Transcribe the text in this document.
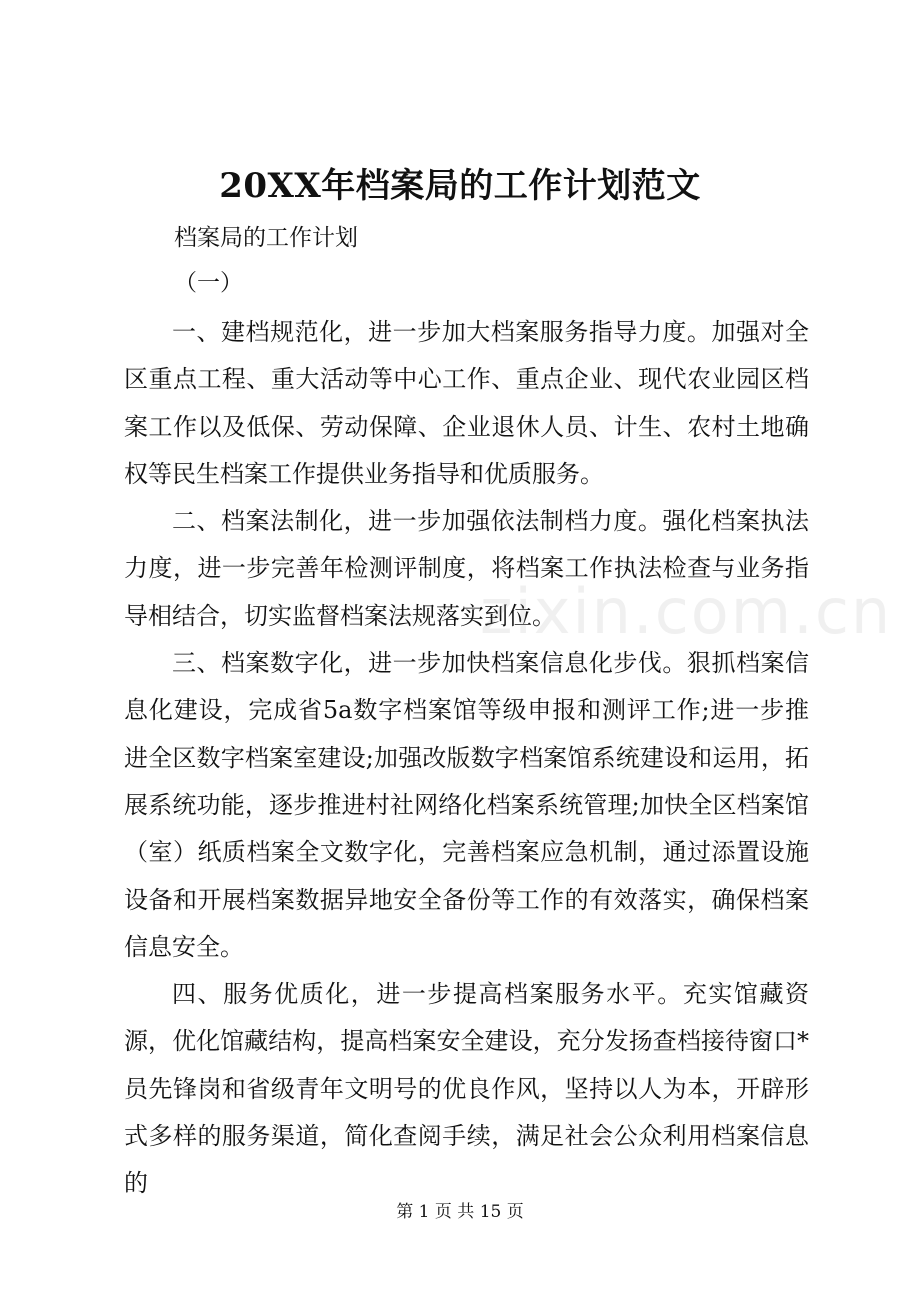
20XX年档案局的工作计划范文
档案局的工作计划
（一）

一、建档规范化，进一步加大档案服务指导力度。加强对全区重点工程、重大活动等中心工作、重点企业、现代农业园区档案工作以及低保、劳动保障、企业退休人员、计生、农村土地确权等民生档案工作提供业务指导和优质服务。

二、档案法制化，进一步加强依法制档力度。强化档案执法力度，进一步完善年检测评制度，将档案工作执法检查与业务指导相结合，切实监督档案法规落实到位。

三、档案数字化，进一步加快档案信息化步伐。狠抓档案信息化建设，完成省5a数字档案馆等级申报和测评工作;进一步推进全区数字档案室建设;加强改版数字档案馆系统建设和运用，拓展系统功能，逐步推进村社网络化档案系统管理;加快全区档案馆（室）纸质档案全文数字化，完善档案应急机制，通过添置设施设备和开展档案数据异地安全备份等工作的有效落实，确保档案信息安全。

四、服务优质化，进一步提高档案服务水平。充实馆藏资源，优化馆藏结构，提高档案安全建设，充分发扬查档接待窗口*员先锋岗和省级青年文明号的优良作风，坚持以人为本，开辟形式多样的服务渠道，简化查阅手续，满足社会公众利用档案信息的

zixin.com.cn
第 1 页 共 15 页
